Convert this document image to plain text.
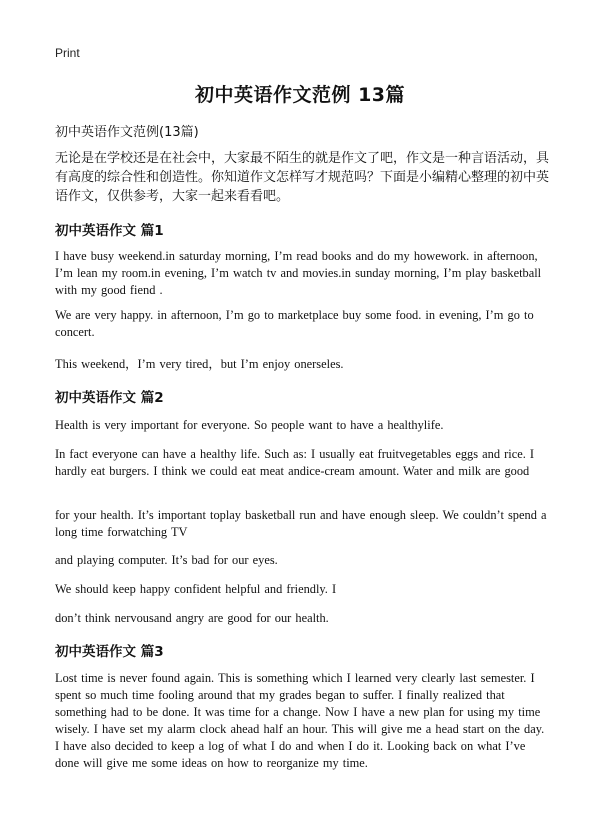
Print
初中英语作文范例 13篇
初中英语作文范例(13篇)
无论是在学校还是在社会中，大家最不陌生的就是作文了吧，作文是一种言语活动，具有高度的综合性和创造性。你知道作文怎样写才规范吗？下面是小编精心整理的初中英语作文，仅供参考，大家一起来看看吧。
初中英语作文 篇1
I have busy weekend.in saturday morning, I’m read books and do my howework. in afternoon, I’m lean my room.in evening, I’m watch tv and movies.in sunday morning, I’m play basketball with my good fiend .
We are very happy. in afternoon, I’m go to marketplace buy some food. in evening, I’m go to concert.
This weekend，I’m very tired，but I’m enjoy onerseles.
初中英语作文 篇2
Health is very important for everyone. So people want to have a healthylife.
In fact everyone can have a healthy life. Such as: I usually eat fruitvegetables eggs and rice. I hardly eat burgers. I think we could eat meat andice-cream amount. Water and milk are good
for your health. It’s important toplay basketball run and have enough sleep. We couldn’t spend a long time forwatching TV
and playing computer. It’s bad for our eyes.
We should keep happy confident helpful and friendly. I
don’t think nervousand angry are good for our health.
初中英语作文 篇3
Lost time is never found again. This is something which I learned very clearly last semester. I spent so much time fooling around that my grades began to suffer. I finally realized that something had to be done. It was time for a change. Now I have a new plan for using my time wisely. I have set my alarm clock ahead half an hour. This will give me a head start on the day. I have also decided to keep a log of what I do and when I do it. Looking back on what I’ve done will give me some ideas on how to reorganize my time.
